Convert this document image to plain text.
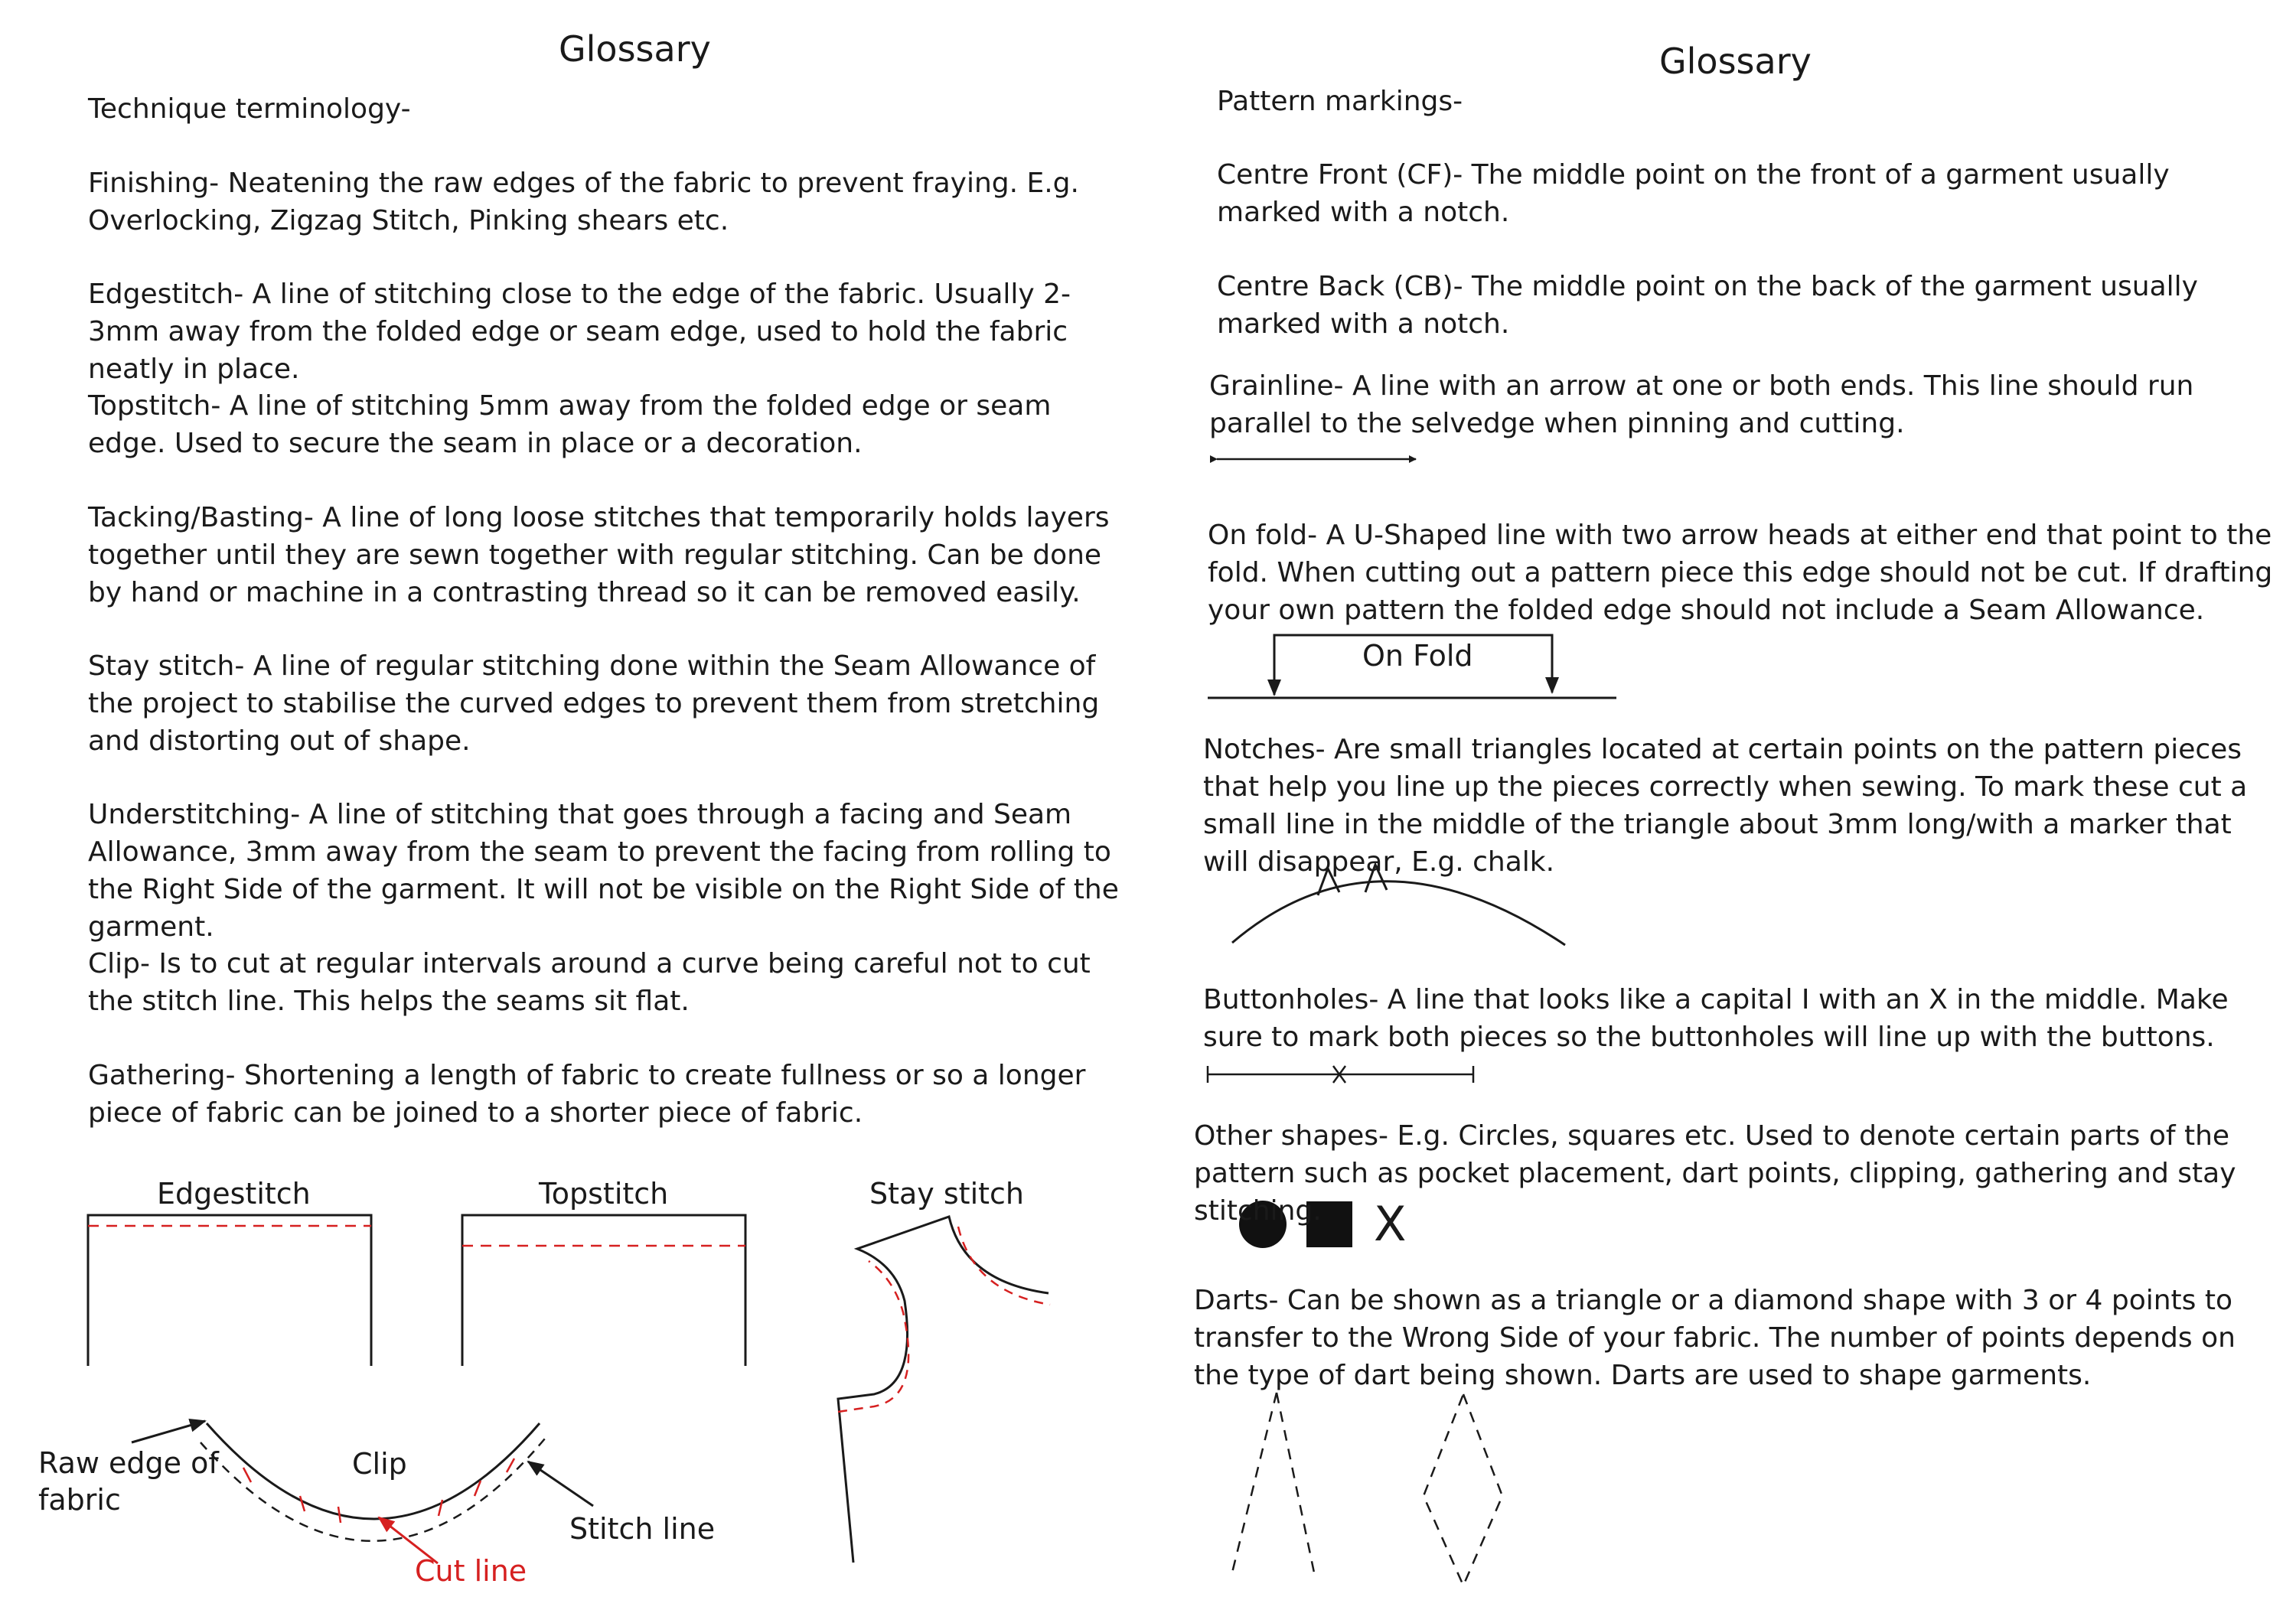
Glossary
Technique terminology-
Finishing- Neatening the raw edges of the fabric to prevent fraying. E.g. Overlocking, Zigzag Stitch, Pinking shears etc.
Edgestitch- A line of stitching close to the edge of the fabric. Usually 2-3mm away from the folded edge or seam edge, used to hold the fabric neatly in place.
Topstitch- A line of stitching 5mm away from the folded edge or seam edge. Used to secure the seam in place or a decoration.
Tacking/Basting- A line of long loose stitches that temporarily holds layers together until they are sewn together with regular stitching. Can be done by hand or machine in a contrasting thread so it can be removed easily.
Stay stitch- A line of regular stitching done within the Seam Allowance of the project to stabilise the curved edges to prevent them from stretching and distorting out of shape.
Understitching- A line of stitching that goes through a facing and Seam Allowance, 3mm away from the seam to prevent the facing from rolling to the Right Side of the garment. It will not be visible on the Right Side of the garment.
Clip- Is to cut at regular intervals around a curve being careful not to cut the stitch line. This helps the seams sit flat.
Gathering- Shortening a length of fabric to create fullness or so a longer piece of fabric can be joined to a shorter piece of fabric.
Edgestitch	Topstitch	Stay stitch
Raw edge of fabric
Clip
Stitch line
Cut line
Glossary
Pattern markings-
Centre Front (CF)- The middle point on the front of a garment usually marked with a notch.
Centre Back (CB)- The middle point on the back of the garment usually marked with a notch.
Grainline- A line with an arrow at one or both ends. This line should run parallel to the selvedge when pinning and cutting.
On fold- A U-Shaped line with two arrow heads at either end that point to the fold. When cutting out a pattern piece this edge should not be cut. If drafting your own pattern the folded edge should not include a Seam Allowance.
On Fold
Notches- Are small triangles located at certain points on the pattern pieces that help you line up the pieces correctly when sewing. To mark these cut a small line in the middle of the triangle about 3mm long/with a marker that will disappear, E.g. chalk.
Buttonholes- A line that looks like a capital I with an X in the middle. Make sure to mark both pieces so the buttonholes will line up with the buttons.
Other shapes- E.g. Circles, squares etc. Used to denote certain parts of the pattern such as pocket placement, dart points, clipping, gathering and stay stitching.	X
Darts- Can be shown as a triangle or a diamond shape with 3 or 4 points to transfer to the Wrong Side of your fabric. The number of points depends on the type of dart being shown. Darts are used to shape garments.
